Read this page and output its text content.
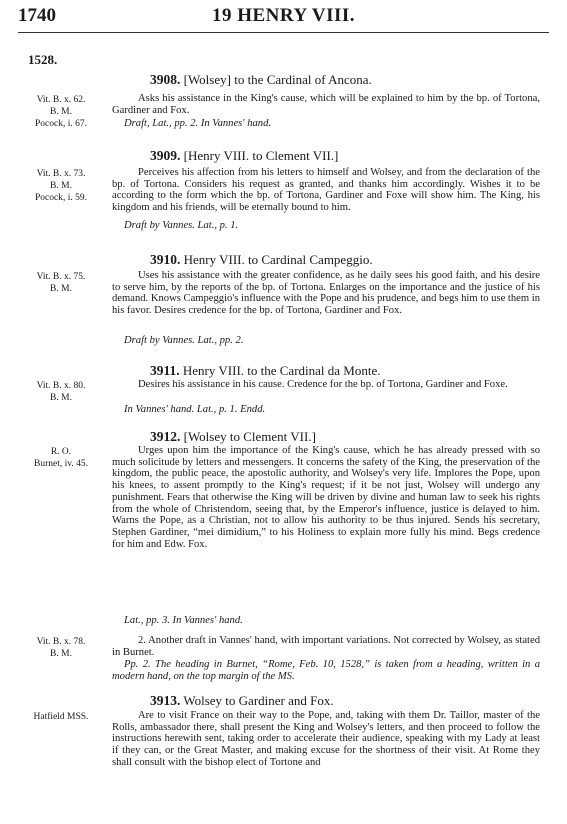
1740	19 HENRY VIII.
1528.
3908. [Wolsey] to the Cardinal of Ancona.
Vit. B. x. 62.
B. M.
Pocock, i. 67.

Asks his assistance in the King's cause, which will be explained to him by the bp. of Tortona, Gardiner and Fox.

Draft, Lat., pp. 2. In Vannes' hand.

3909. [Henry VIII. to Clement VII.]
Vit. B. x. 73.
B. M.
Pocock, i. 59.

Perceives his affection from his letters to himself and Wolsey, and from the declaration of the bp. of Tortona. Considers his request as granted, and thanks him accordingly. Wishes it to be according to the form which the bp. of Tortona, Gardiner and Foxe will show him. The King, his kingdom and his friends, will be eternally bound to him.

Draft by Vannes. Lat., p. 1.

3910. Henry VIII. to Cardinal Campeggio.
Vit. B. x. 75.
B. M.

Uses his assistance with the greater confidence, as he daily sees his good faith, and his desire to serve him, by the reports of the bp. of Tortona. Enlarges on the importance and the justice of his demand. Knows Campeggio's influence with the Pope and his prudence, and begs him to use them in his favor. Desires credence for the bp. of Tortona, Gardiner and Fox.

Draft by Vannes. Lat., pp. 2.

3911. Henry VIII. to the Cardinal da Monte.
Vit. B. x. 80.
B. M.

Desires his assistance in his cause. Credence for the bp. of Tortona, Gardiner and Foxe.

In Vannes' hand. Lat., p. 1. Endd.

3912. [Wolsey to Clement VII.]
R. O.
Burnet, iv. 45.

Urges upon him the importance of the King's cause, which he has already pressed with so much solicitude by letters and messengers. It concerns the safety of the King, the preservation of the kingdom, the public peace, the apostolic authority, and Wolsey's very life. Implores the Pope, upon his knees, to assent promptly to the King's request; if it be not just, Wolsey will undergo any punishment. Fears that otherwise the King will be driven by divine and human law to seek his rights from the whole of Christendom, seeing that, by the Emperor's influence, justice is delayed to him. Warns the Pope, as a Christian, not to allow his authority to be thus injured. Sends his secretary, Stephen Gardiner, “mei dimidium,” to his Holiness to explain more fully his mind. Begs credence for him and Edw. Fox.

Lat., pp. 3. In Vannes' hand.

Vit. B. x. 78.
B. M.

2. Another draft in Vannes' hand, with important variations. Not corrected by Wolsey, as stated in Burnet.

Pp. 2. The heading in Burnet, “Rome, Feb. 10, 1528,” is taken from a heading, written in a modern hand, on the top margin of the MS.

3913. Wolsey to Gardiner and Fox.
Hatfield MSS.	Are to visit France on their way to the Pope, and, taking with them Dr. Taillor, master of the Rolls, ambassador there, shall present the King and Wolsey's letters, and then proceed to follow the instructions herewith sent, taking order to accelerate their audience, speaking with my Lady at least if they can, or the Great Master, and making excuse for the shortness of their visit. At Rome they shall consult with the bishop elect of Tortone and
